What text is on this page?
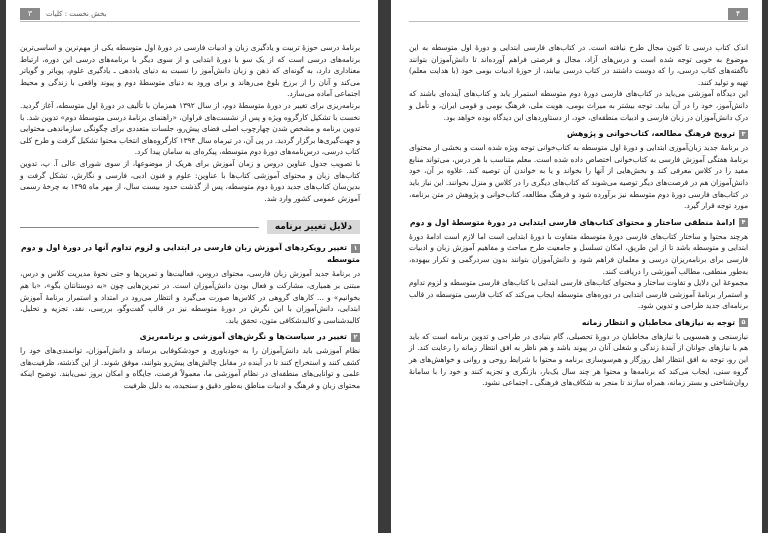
بخش نخست : کلیات
۳

برنامهٔ درسی حوزهٔ تربیت و یادگیری زبان و ادبیات فارسی در دورهٔ اول متوسطه یکی از مهم‌ترین و اساسی‌ترین برنامه‌های درسی است که از یک سو با دورهٔ ابتدایی و از سوی دیگر با برنامه‌های درسی این دوره، ارتباط معناداری دارد، به گونه‌ای که ذهن و زبان دانش‌آموز را نسبت به دنیای یاددهی ـ یادگیری علوم، پویاتر و گویاتر می‌کند و آنان را از برزخ بلوغ می‌رهاند و برای ورود به دنیای متوسطهٔ دوم و پیوند واقعی با زندگی و محیط اجتماعی آماده می‌سازد.

برنامه‌ریزی برای تغییر در دورهٔ متوسطهٔ دوم، از سال ۱۳۹۲ همزمان با تألیف در دورهٔ اول متوسطه، آغاز گردید. نخست با تشکیل کارگروه ویژه و پس از نشست‌های فراوان، «راهنمای برنامهٔ درسی متوسطهٔ دوم» تدوین شد. با تدوین برنامه و مشخص شدن چهارچوب اصلی فضای پیش‌رو، جلسات متعددی برای چگونگی سازماندهی محتوایی و جهت‌گیری‌ها برگزار گردید. در پی آن، در تیرماه سال ۱۳۹۴ کارگروه‌های انتخاب محتوا تشکیل گرفت و طرح کلی کتاب درسی، درس‌نامه‌های دورهٔ دوم متوسطه، پیکره‌ای به سامان پیدا کرد.

با تصویب جدول عناوین دروس و زمان آموزش برای هریک از موضوعها، از سوی شورای عالی آ. پ، تدوین کتاب‌های زبان و محتوای آموزشی کتاب‌ها با عناوین: علوم و فنون ادبی، فارسی و نگارش، تشکل گرفت و بدین‌سان کتاب‌های جدید دورهٔ دوم متوسطه، پس از گذشت حدود بیست سال، از مهر ماه ۱۳۹۵ به چرخهٔ رسمی آموزش عمومی کشور وارد شد.

دلایل تغییر برنامه
۱تغییر رویکردهای آموزش زبان فارسی در ابتدایی و لزوم تداوم آنها در دورهٔ اول و دوم متوسطه

در برنامهٔ جدید آموزش زبان فارسی، محتوای دروس، فعالیت‌ها و تمرین‌ها و حتی نحوهٔ مدیریت کلاس و درس، مبتنی بر همیاری، مشارکت و فعال بودن دانش‌آموزان است. در تمرین‌هایی چون «به دوستانتان بگو»، «با هم بخوانیم» و ... کارهای گروهی در کلاس‌ها صورت می‌گیرد و انتظار می‌رود در امتداد و استمرار برنامهٔ آموزش ابتدایی، دانش‌آموزان با این نگرش در دورهٔ متوسطه نیز در قالب گفت‌وگو، بررسی، نقد، تجزیه و تحلیل، کالبدشناسی و کالبدشکافی متون، تحقق یابد.

۲تغییر در سیاست‌ها و نگرش‌های آموزشی و برنامه‌ریزی

نظام آموزشی باید دانش‌آموزان را به خودباوری و خودشکوفایی برساند و دانش‌آموزان، توانمندی‌های خود را کشف کنند و استخراج کنند تا در آینده در مقابل چالش‌های پیش‌رو بتوانند، موفق شوند. از این گذشته، ظرفیت‌های علمی و توانایی‌های منطقه‌ای در نظام آموزشی ما، معمولاً فرصت، جایگاه و امکان بروز نمی‌یابند. توضیح اینکه محتوای زبان و فرهنگ و ادبیات مناطق به‌طور دقیق و سنجیده، به دلیل ظرفیت

۴

اندک کتاب درسی تا کنون مجال طرح نیافته است. در کتاب‌های فارسی ابتدایی و دورهٔ اول متوسطه به این موضوع به خوبی توجه شده است و درس‌های آزاد، مجال و فرصتی فراهم آورده‌اند تا دانش‌آموزان بتوانند ناگفته‌های کتاب درسی، را که دوست داشتند در کتاب درسی بیابند، از حوزهٔ ادبیات بومی خود (با هدایت معلم) تهیه و تولید کنند.

این دیدگاه آموزشی می‌باید در کتاب‌های فارسی دورهٔ دوم متوسطه استمرار یابد و کتاب‌های آینده‌ای باشند که دانش‌آموز، خود را در آن بیابد. توجه بیشتر به میراث بومی، هویت ملی، فرهنگ بومی و قومی ایران، و تأمل و درک دانش‌آموزان در زبان فارسی و ادبیات منطقه‌ای، خود، از دستاوردهای این دیدگاه بوده خواهد بود.

۳ترویج فرهنگ مطالعه، کتاب‌خوانی و پژوهش

در برنامهٔ جدید زبان‌آموزی ابتدایی و دورهٔ اول متوسطه به کتاب‌خوانی توجه ویژه شده است و بخشی از محتوای برنامهٔ هفتگی آموزش فارسی به کتاب‌خوانی اختصاص داده شده است. معلم متناسب با هر درس، می‌تواند منابع مفید را در کلاس معرفی کند و بخش‌هایی از آنها را بخواند و یا به خواندن آن توصیه کند. علاوه بر آن، خود دانش‌آموزان هم در فرصت‌های دیگر توصیه می‌شوند که کتاب‌های دیگری را در کلاس و منزل بخوانند. این نیاز باید در کتاب‌های فارسی دورهٔ دوم متوسطه نیز برآورده شود و فرهنگ مطالعه، کتاب‌خوانی و پژوهش در متن برنامه، مورد توجه قرار گیرد.

۴ادامهٔ منطقی ساختار و محتوای کتاب‌های فارسی ابتدایی در دورهٔ متوسطهٔ اول و دوم

هرچند محتوا و ساختار کتاب‌های فارسی دورهٔ متوسطه متفاوت با دورهٔ ابتدایی است اما لازم است ادامهٔ دورهٔ ابتدایی و متوسطه باشد تا از این طریق، امکان تسلسل و جامعیت طرح مباحث و مفاهیم آموزش زبان و ادبیات فارسی برای برنامه‌ریزان درسی و معلمان فراهم شود و دانش‌آموزان بتوانند بدون سردرگمی و تکرار بیهوده، به‌طور منطقی، مطالب آموزشی را دریافت کنند.

مجموعهٔ این دلایل و تفاوت ساختار و محتوای کتاب‌های فارسی ابتدایی با کتاب‌های فارسی متوسطه و لزوم تداوم و استمرار برنامهٔ آموزشی فارسی ابتدایی در دوره‌های متوسطه ایجاب می‌کند که کتاب فارسی متوسطه در قالب برنامه‌ای جدید طراحی و تدوین شود.

۵توجه به نیازهای مخاطبان و انتظار زمانه

نیازسنجی و همسویی با نیازهای مخاطبان در دورهٔ تحصیلی، گام بنیادی در طراحی و تدوین برنامه است که باید هم با نیازهای جوانان از آیندهٔ زندگی و شغلی آنان در پیوند باشد و هم ناظر به افق انتظار زمانه را رعایت کند. از این رو، توجه به افق انتظار اهل روزگار و هم‌سوسازی برنامه و محتوا با شرایط روحی و روانی و خواهش‌های هر گروه سنی، ایجاب می‌کند که برنامه‌ها و محتوا هر چند سال یک‌بار، بازنگری و تجزیه کنند و خود را با سامانهٔ روان‌شناختی و بستر زمانه، همراه سازند تا منجر به شکاف‌های فرهنگی ـ اجتماعی نشود.
